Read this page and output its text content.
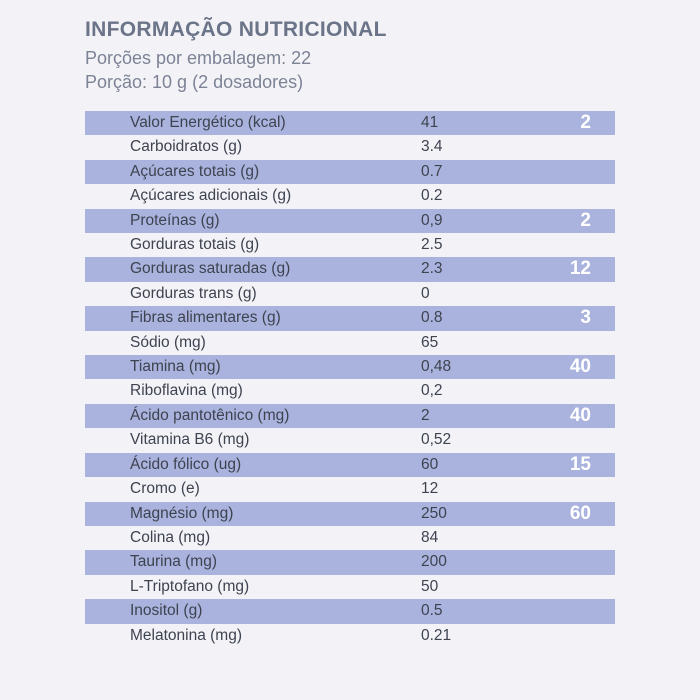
INFORMAÇÃO NUTRICIONAL
Porções por embalagem: 22
Porção: 10 g (2 dosadores)
Valor Energético (kcal)	41	2
Carboidratos (g)	3.4	
Açúcares totais (g)	0.7	
Açúcares adicionais (g)	0.2	
Proteínas (g)	0,9	2
Gorduras totais (g)	2.5	
Gorduras saturadas (g)	2.3	12
Gorduras trans (g)	0	
Fibras alimentares (g)	0.8	3
Sódio (mg)	65	
Tiamina (mg)	0,48	40
Riboflavina (mg)	0,2	
Ácido pantotênico (mg)	2	40
Vitamina B6 (mg)	0,52	
Ácido fólico (ug)	60	15
Cromo (e)	12	
Magnésio (mg)	250	60
Colina (mg)	84	
Taurina (mg)	200	
L-Triptofano (mg)	50	
Inositol (g)	0.5	
Melatonina (mg)	0.21	
